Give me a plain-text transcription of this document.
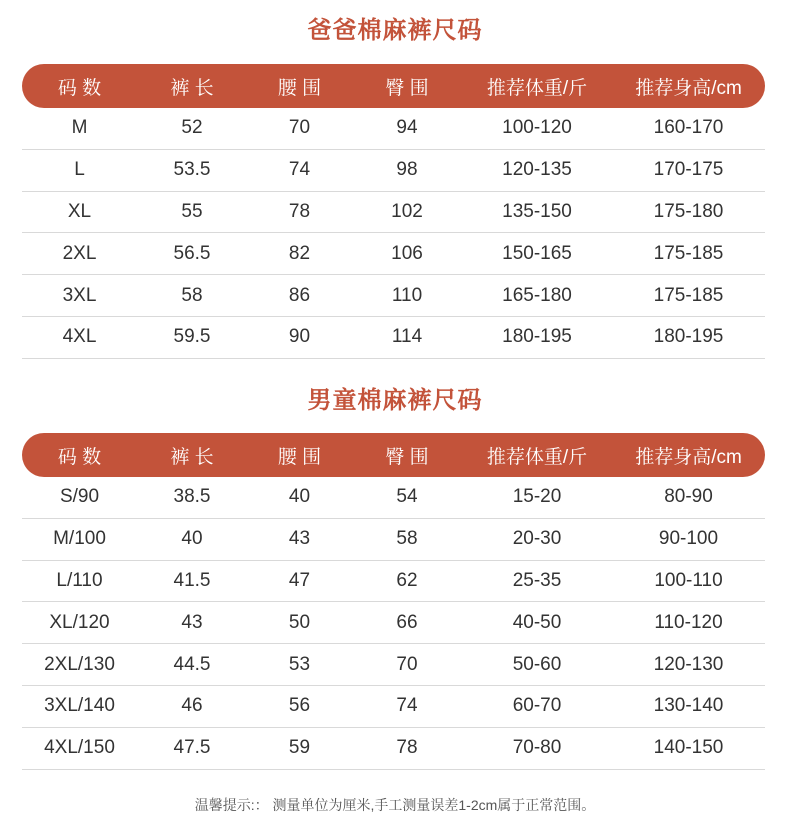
爸爸棉麻裤尺码
码 数	裤 长	腰 围	臀 围	推荐体重/斤	推荐身高/cm
M	52	70	94	100-120	160-170
L	53.5	74	98	120-135	170-175
XL	55	78	102	135-150	175-180
2XL	56.5	82	106	150-165	175-185
3XL	58	86	110	165-180	175-185
4XL	59.5	90	114	180-195	180-195
男童棉麻裤尺码
码 数	裤 长	腰 围	臀 围	推荐体重/斤	推荐身高/cm
S/90	38.5	40	54	15-20	80-90
M/100	40	43	58	20-30	90-100
L/110	41.5	47	62	25-35	100-110
XL/120	43	50	66	40-50	110-120
2XL/130	44.5	53	70	50-60	120-130
3XL/140	46	56	74	60-70	130-140
4XL/150	47.5	59	78	70-80	140-150
温馨提示:： 测量单位为厘米,手工测量误差1-2cm属于正常范围。
